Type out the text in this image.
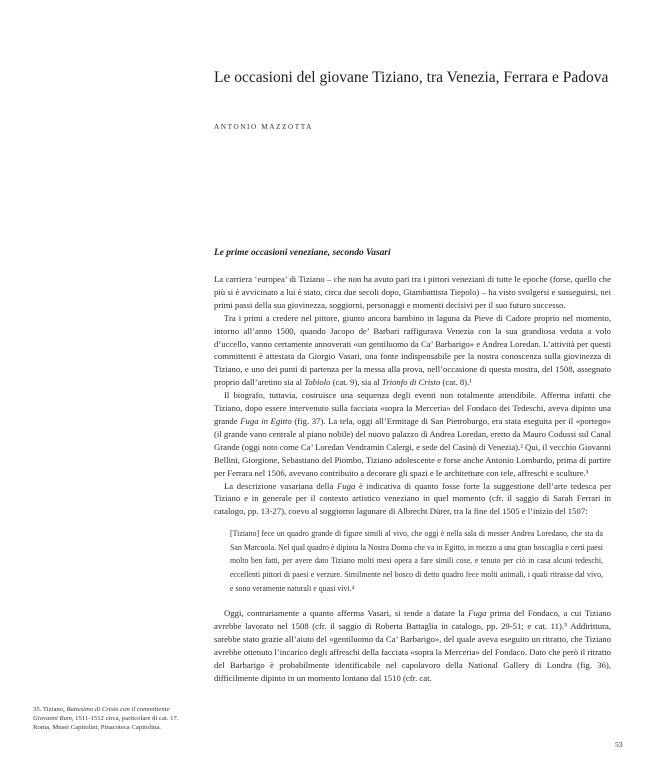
Le occasioni del giovane Tiziano, tra Venezia, Ferrara e Padova
ANTONIO MAZZOTTA
Le prime occasioni veneziane, secondo Vasari

La carriera ‘europea’ di Tiziano – che non ha avuto pari tra i pittori veneziani di tutte le epoche (forse, quello che più si è avvicinato a lui è stato, circa due secoli dopo, Giambattista Tiepolo) – ha visto svolgersi e susseguirsi, nei primi passi della sua giovinezza, soggiorni, personaggi e momenti decisivi per il suo futuro successo.

Tra i primi a credere nel pittore, giunto ancora bambino in laguna da Pieve di Cadore proprio nel momento, intorno all’anno 1500, quando Jacopo de’ Barbari raffigurava Venezia con la sua grandiosa veduta a volo d’uccello, vanno certamente annoverati «un gentiluomo da Ca’ Barbarigo» e Andrea Loredan. L’attività per questi committenti è attestata da Giorgio Vasari, una fonte indispensabile per la nostra conoscenza sulla giovinezza di Tiziano, e uno dei punti di partenza per la messa alla prova, nell’occasione di questa mostra, del 1508, assegnato proprio dall’aretino sia al Tobiolo (cat. 9), sia al Trionfo di Cristo (cat. 8).¹

Il biografo, tuttavia, costruisce una sequenza degli eventi non totalmente attendibile. Afferma infatti che Tiziano, dopo essere intervenuto sulla facciata «sopra la Merceria» del Fondaco dei Tedeschi, aveva dipinto una grande Fuga in Egitto (fig. 37). La tela, oggi all’Ermitage di San Pietroburgo, era stata eseguita per il «portego» (il grande vano centrale al piano nobile) del nuovo palazzo di Andrea Loredan, eretto da Mauro Codussi sul Canal Grande (oggi noto come Ca’ Loredan Vendramin Calergi, e sede del Casinò di Venezia).² Qui, il vecchio Giovanni Bellini, Giorgione, Sebastiano del Piombo, Tiziano adolescente e forse anche Antonio Lombardo, prima di partire per Ferrara nel 1506, avevano contribuito a decorare gli spazi e le architetture con tele, affreschi e sculture.³

La descrizione vasariana della Fuga è indicativa di quanto fosse forte la suggestione dell’arte tedesca per Tiziano e in generale per il contesto artistico veneziano in quel momento (cfr. il saggio di Sarah Ferrari in catalogo, pp. 13-27), coevo al soggiorno lagunare di Albrecht Dürer, tra la fine del 1505 e l’inizio del 1507:

[Tiziano] fece un quadro grande di figure simili al vivo, che oggi è nella sala di messer Andrea Loredano, che sta da San Marcuola. Nel qual quadro è dipinta la Nostra Donna che va in Egitto, in mezzo a una gran boscaglia e certi paesi molto ben fatti, per avere dato Tiziano molti mesi opera a fare simili cose, e tenuto per ciò in casa alcuni tedeschi, eccellenti pittori di paesi e verzure. Similmente nel bosco di detto quadro fece molti animali, i quali ritrasse dal vivo, e sono veramente naturali e quasi vivi.⁴

Oggi, contrariamente a quanto afferma Vasari, si tende a datare la Fuga prima del Fondaco, a cui Tiziano avrebbe lavorato nel 1508 (cfr. il saggio di Roberta Battaglia in catalogo, pp. 29-51; e cat. 11).⁵ Addirittura, sarebbe stato grazie all’aiuto del «gentiluomo da Ca’ Barbarigo», del quale aveva eseguito un ritratto, che Tiziano avrebbe ottenuto l’incarico degli affreschi della facciata «sopra la Merceria» del Fondaco. Dato che però il ritratto del Barbarigo è probabilmente identificabile nel capolavoro della National Gallery di Londra (fig. 36), difficilmente dipinto in un momento lontano dal 1510 (cfr. cat.

35. Tiziano, Battesimo di Cristo con il committente Giovanni Ram, 1511-1512 circa, particolare di cat. 17. Roma, Musei Capitolini, Pinacoteca Capitolina.
53
